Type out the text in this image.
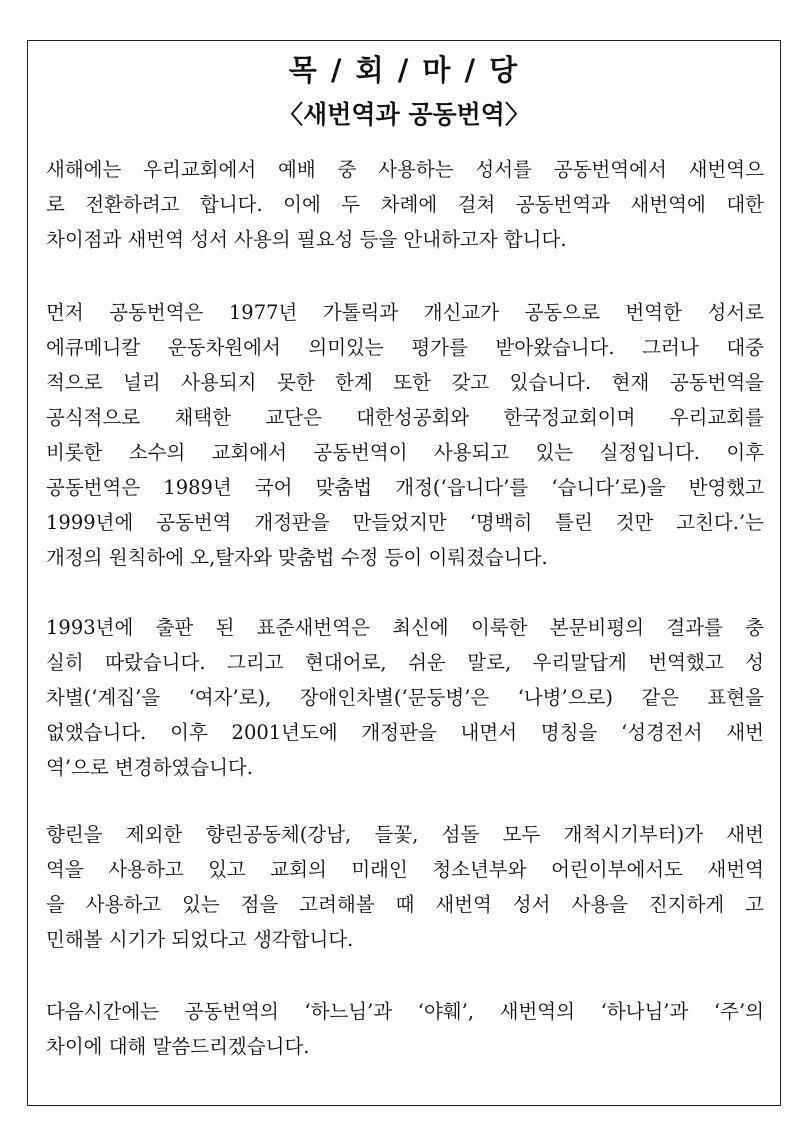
목 / 회 / 마 / 당
〈새번역과 공동번역〉
새해에는 우리교회에서 예배 중 사용하는 성서를 공동번역에서 새번역으
로 전환하려고 합니다. 이에 두 차례에 걸쳐 공동번역과 새번역에 대한
차이점과 새번역 성서 사용의 필요성 등을 안내하고자 합니다.
먼저 공동번역은 1977년 가톨릭과 개신교가 공동으로 번역한 성서로
에큐메니칼 운동차원에서 의미있는 평가를 받아왔습니다. 그러나 대중
적으로 널리 사용되지 못한 한계 또한 갖고 있습니다. 현재 공동번역을
공식적으로 채택한 교단은 대한성공회와 한국정교회이며 우리교회를
비롯한 소수의 교회에서 공동번역이 사용되고 있는 실정입니다. 이후
공동번역은 1989년 국어 맞춤법 개정(‘읍니다’를 ‘습니다’로)을 반영했고
1999년에 공동번역 개정판을 만들었지만 ‘명백히 틀린 것만 고친다.’는
개정의 원칙하에 오,탈자와 맞춤법 수정 등이 이뤄졌습니다.
1993년에 출판 된 표준새번역은 최신에 이룩한 본문비평의 결과를 충
실히 따랐습니다. 그리고 현대어로, 쉬운 말로, 우리말답게 번역했고 성
차별(‘계집’을 ‘여자’로), 장애인차별(‘문둥병’은 ‘나병’으로) 같은 표현을
없앴습니다. 이후 2001년도에 개정판을 내면서 명칭을 ‘성경전서 새번
역’으로 변경하였습니다.
향린을 제외한 향린공동체(강남, 들꽃, 섬돌 모두 개척시기부터)가 새번
역을 사용하고 있고 교회의 미래인 청소년부와 어린이부에서도 새번역
을 사용하고 있는 점을 고려해볼 때 새번역 성서 사용을 진지하게 고
민해볼 시기가 되었다고 생각합니다.
다음시간에는 공동번역의 ‘하느님’과 ‘야훼’, 새번역의 ‘하나님’과 ‘주’의
차이에 대해 말씀드리겠습니다.
